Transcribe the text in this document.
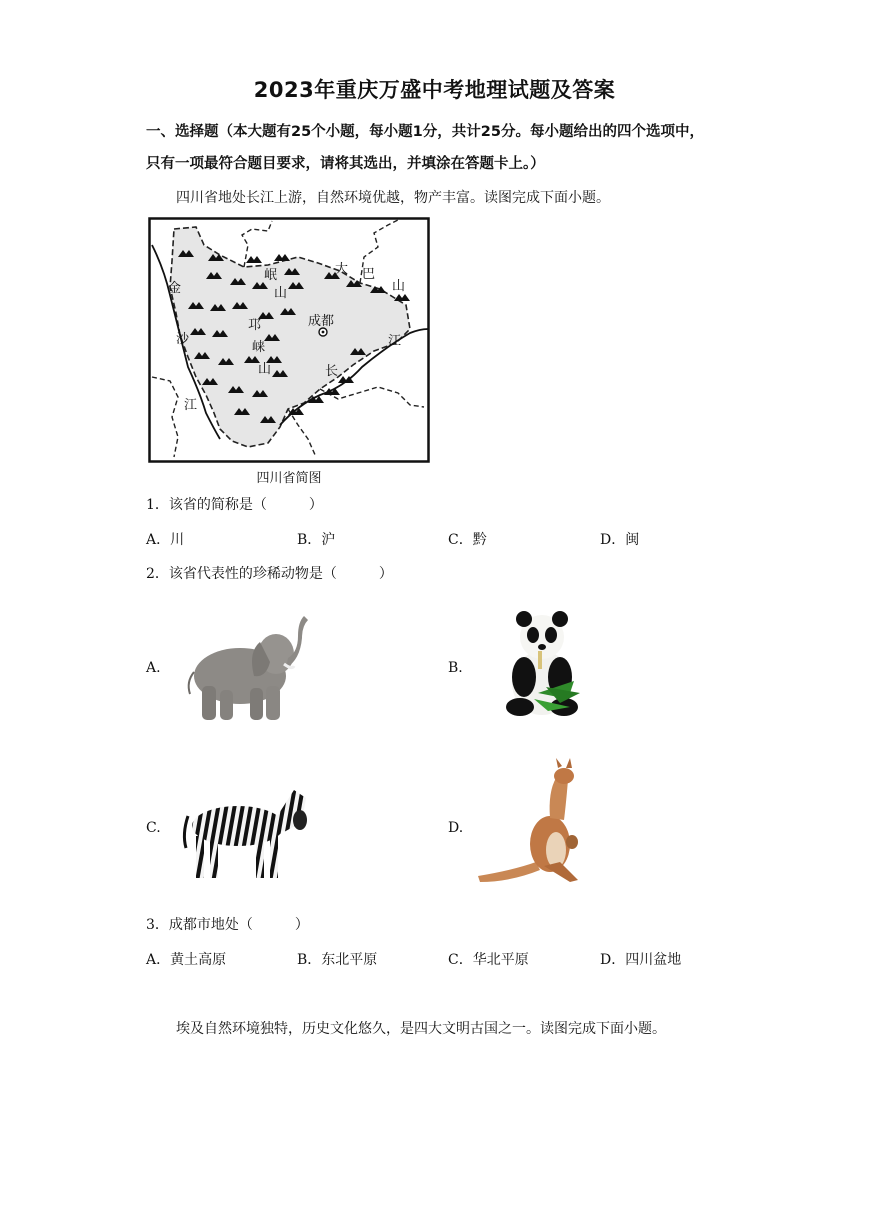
2023年重庆万盛中考地理试题及答案
一、选择题（本大题有25个小题，每小题1分，共计25分。每小题给出的四个选项中，
只有一项最符合题目要求，请将其选出，并填涂在答题卡上。）
四川省地处长江上游，自然环境优越，物产丰富。读图完成下面小题。
岷
山
大 巴
山
金
沙
江
邛
崃
山
成都
江
长
四川省简图
1．该省的简称是（　　　）
A．川	B．沪	C．黔	D．闽
2．该省代表性的珍稀动物是（　　　）
A.	B.
C.	D.
3．成都市地处（　　　）
A．黄土高原	B．东北平原	C．华北平原	D．四川盆地
埃及自然环境独特，历史文化悠久，是四大文明古国之一。读图完成下面小题。
